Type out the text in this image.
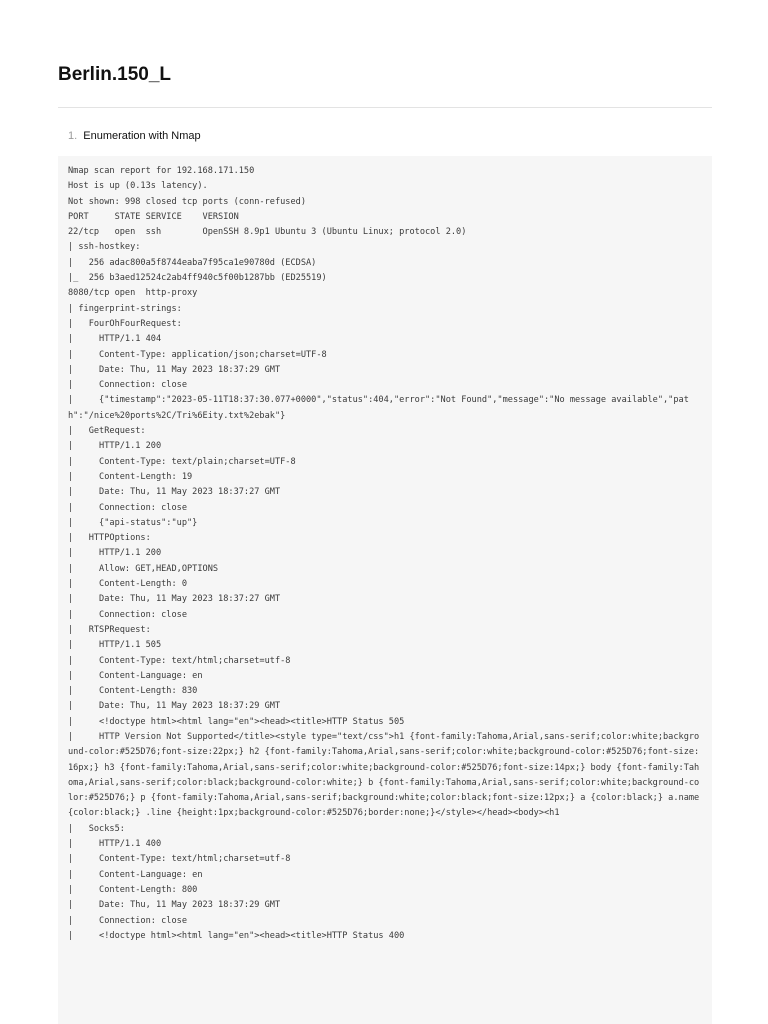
Berlin.150_L
1. Enumeration with Nmap
Nmap scan report for 192.168.171.150
Host is up (0.13s latency).
Not shown: 998 closed tcp ports (conn-refused)
PORT     STATE SERVICE    VERSION
22/tcp   open  ssh        OpenSSH 8.9p1 Ubuntu 3 (Ubuntu Linux; protocol 2.0)
| ssh-hostkey:
|   256 adac800a5f8744eaba7f95ca1e90780d (ECDSA)
|_  256 b3aed12524c2ab4ff940c5f00b1287bb (ED25519)
8080/tcp open  http-proxy
| fingerprint-strings:
|   FourOhFourRequest:
|     HTTP/1.1 404
|     Content-Type: application/json;charset=UTF-8
|     Date: Thu, 11 May 2023 18:37:29 GMT
|     Connection: close
|     {"timestamp":"2023-05-11T18:37:30.077+0000","status":404,"error":"Not Found","message":"No message available","path":"/nice%20ports%2C/Tri%6Eity.txt%2ebak"}
|   GetRequest:
|     HTTP/1.1 200
|     Content-Type: text/plain;charset=UTF-8
|     Content-Length: 19
|     Date: Thu, 11 May 2023 18:37:27 GMT
|     Connection: close
|     {"api-status":"up"}
|   HTTPOptions:
|     HTTP/1.1 200
|     Allow: GET,HEAD,OPTIONS
|     Content-Length: 0
|     Date: Thu, 11 May 2023 18:37:27 GMT
|     Connection: close
|   RTSPRequest:
|     HTTP/1.1 505
|     Content-Type: text/html;charset=utf-8
|     Content-Language: en
|     Content-Length: 830
|     Date: Thu, 11 May 2023 18:37:29 GMT
|     <!doctype html><html lang="en"><head><title>HTTP Status 505
|     HTTP Version Not Supported</title><style type="text/css">h1 {font-family:Tahoma,Arial,sans-serif;color:white;background-color:#525D76;font-size:22px;} h2 {font-family:Tahoma,Arial,sans-serif;color:white;background-color:#525D76;font-size:16px;} h3 {font-family:Tahoma,Arial,sans-serif;color:white;background-color:#525D76;font-size:14px;} body {font-family:Tahoma,Arial,sans-serif;color:black;background-color:white;} b {font-family:Tahoma,Arial,sans-serif;color:white;background-color:#525D76;} p {font-family:Tahoma,Arial,sans-serif;background:white;color:black;font-size:12px;} a {color:black;} a.name {color:black;} .line {height:1px;background-color:#525D76;border:none;}</style></head><body><h1
|   Socks5:
|     HTTP/1.1 400
|     Content-Type: text/html;charset=utf-8
|     Content-Language: en
|     Content-Length: 800
|     Date: Thu, 11 May 2023 18:37:29 GMT
|     Connection: close
|     <!doctype html><html lang="en"><head><title>HTTP Status 400
